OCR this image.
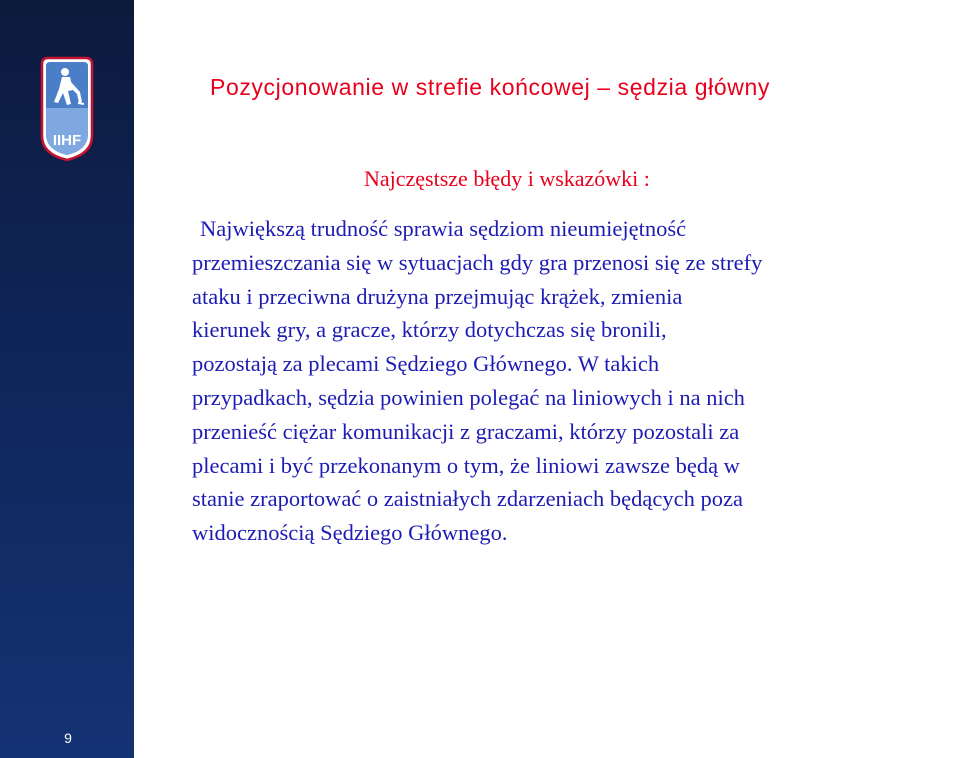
IIHF
9
Pozycjonowanie w strefie końcowej – sędzia główny
Najczęstsze błędy i wskazówki :

Największą trudność sprawia sędziom nieumiejętność
przemieszczania się w sytuacjach gdy gra przenosi się ze strefy
ataku i przeciwna drużyna przejmując krążek, zmienia
kierunek gry, a gracze, którzy dotychczas się bronili,
pozostają za plecami Sędziego Głównego. W takich
przypadkach, sędzia powinien polegać na liniowych i na nich
przenieść ciężar komunikacji z graczami, którzy pozostali za
plecami i być przekonanym o tym, że liniowi zawsze będą w
stanie zraportować o zaistniałych zdarzeniach będących poza
widocznością Sędziego Głównego.
